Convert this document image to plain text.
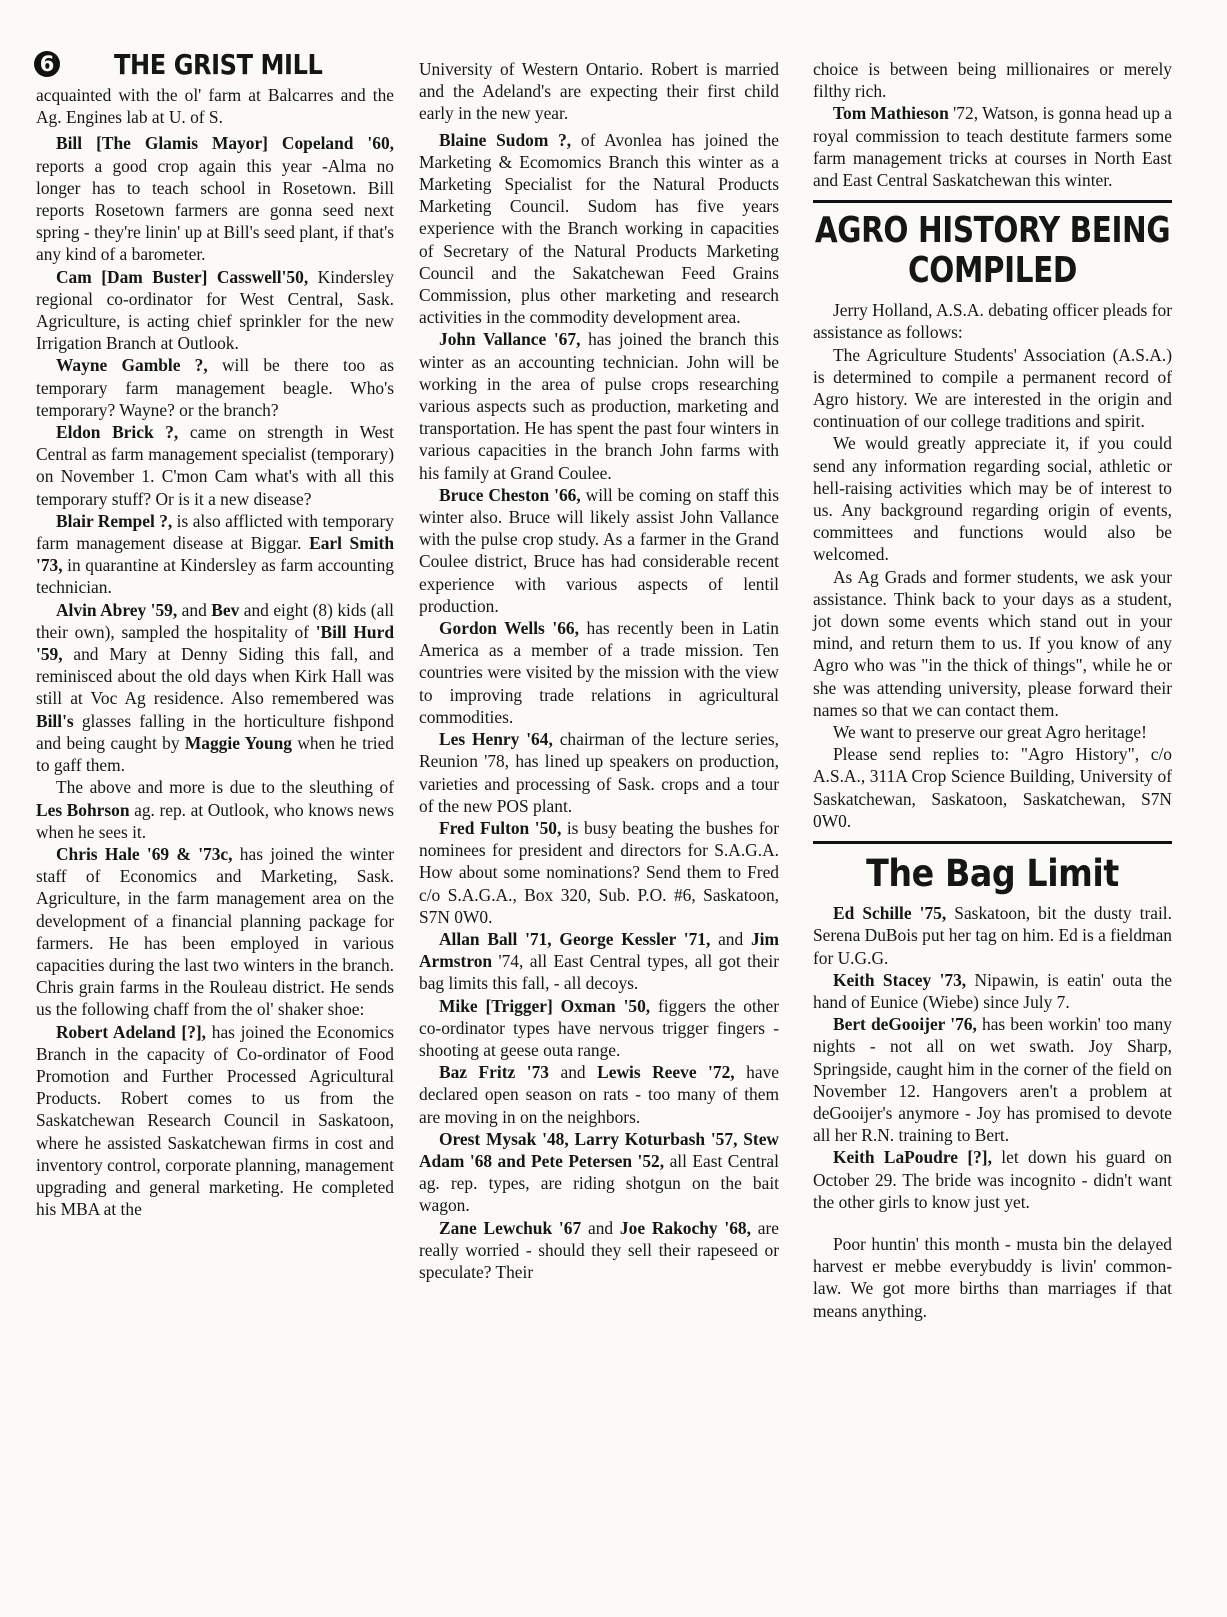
6 THE GRIST MILL

acquainted with the ol' farm at Balcarres and the Ag. Engines lab at U. of S.

Bill [The Glamis Mayor] Copeland '60, reports a good crop again this year -Alma no longer has to teach school in Rosetown. Bill reports Rosetown farmers are gonna seed next spring - they're linin' up at Bill's seed plant, if that's any kind of a barometer.

Cam [Dam Buster] Casswell'50, Kindersley regional co-ordinator for West Central, Sask. Agriculture, is acting chief sprinkler for the new Irrigation Branch at Outlook.

Wayne Gamble ?, will be there too as temporary farm management beagle. Who's temporary? Wayne? or the branch?

Eldon Brick ?, came on strength in West Central as farm management specialist (temporary) on November 1. C'mon Cam what's with all this temporary stuff? Or is it a new disease?

Blair Rempel ?, is also afflicted with temporary farm management disease at Biggar. Earl Smith '73, in quarantine at Kindersley as farm accounting technician.

Alvin Abrey '59, and Bev and eight (8) kids (all their own), sampled the hospitality of 'Bill Hurd '59, and Mary at Denny Siding this fall, and reminisced about the old days when Kirk Hall was still at Voc Ag residence. Also remembered was Bill's glasses falling in the horticulture fishpond and being caught by Maggie Young when he tried to gaff them.

The above and more is due to the sleuthing of Les Bohrson ag. rep. at Outlook, who knows news when he sees it.

Chris Hale '69 & '73c, has joined the winter staff of Economics and Marketing, Sask. Agriculture, in the farm management area on the development of a financial planning package for farmers. He has been employed in various capacities during the last two winters in the branch. Chris grain farms in the Rouleau district. He sends us the following chaff from the ol' shaker shoe:

Robert Adeland [?], has joined the Economics Branch in the capacity of Co-ordinator of Food Promotion and Further Processed Agricultural Products. Robert comes to us from the Saskatchewan Research Council in Saskatoon, where he assisted Saskatchewan firms in cost and inventory control, corporate planning, management upgrading and general marketing. He completed his MBA at the

University of Western Ontario. Robert is married and the Adeland's are expecting their first child early in the new year.

Blaine Sudom ?, of Avonlea has joined the Marketing & Ecomomics Branch this winter as a Marketing Specialist for the Natural Products Marketing Council. Sudom has five years experience with the Branch working in capacities of Secretary of the Natural Products Marketing Council and the Sakatchewan Feed Grains Commission, plus other marketing and research activities in the commodity development area.

John Vallance '67, has joined the branch this winter as an accounting technician. John will be working in the area of pulse crops researching various aspects such as production, marketing and transportation. He has spent the past four winters in various capacities in the branch John farms with his family at Grand Coulee.

Bruce Cheston '66, will be coming on staff this winter also. Bruce will likely assist John Vallance with the pulse crop study. As a farmer in the Grand Coulee district, Bruce has had considerable recent experience with various aspects of lentil production.

Gordon Wells '66, has recently been in Latin America as a member of a trade mission. Ten countries were visited by the mission with the view to improving trade relations in agricultural commodities.

Les Henry '64, chairman of the lecture series, Reunion '78, has lined up speakers on production, varieties and processing of Sask. crops and a tour of the new POS plant.

Fred Fulton '50, is busy beating the bushes for nominees for president and directors for S.A.G.A. How about some nominations? Send them to Fred c/o S.A.G.A., Box 320, Sub. P.O. #6, Saskatoon, S7N 0W0.

Allan Ball '71, George Kessler '71, and Jim Armstron '74, all East Central types, all got their bag limits this fall, - all decoys.

Mike [Trigger] Oxman '50, figgers the other co-ordinator types have nervous trigger fingers - shooting at geese outa range.

Baz Fritz '73 and Lewis Reeve '72, have declared open season on rats - too many of them are moving in on the neighbors.

Orest Mysak '48, Larry Koturbash '57, Stew Adam '68 and Pete Petersen '52, all East Central ag. rep. types, are riding shotgun on the bait wagon.

Zane Lewchuk '67 and Joe Rakochy '68, are really worried - should they sell their rapeseed or speculate? Their

choice is between being millionaires or merely filthy rich.

Tom Mathieson '72, Watson, is gonna head up a royal commission to teach destitute farmers some farm management tricks at courses in North East and East Central Saskatchewan this winter.

AGRO HISTORY BEING COMPILED

Jerry Holland, A.S.A. debating officer pleads for assistance as follows:

The Agriculture Students' Association (A.S.A.) is determined to compile a permanent record of Agro history. We are interested in the origin and continuation of our college traditions and spirit.

We would greatly appreciate it, if you could send any information regarding social, athletic or hell-raising activities which may be of interest to us. Any background regarding origin of events, committees and functions would also be welcomed.

As Ag Grads and former students, we ask your assistance. Think back to your days as a student, jot down some events which stand out in your mind, and return them to us. If you know of any Agro who was "in the thick of things", while he or she was attending university, please forward their names so that we can contact them.

We want to preserve our great Agro heritage!

Please send replies to: "Agro History", c/o A.S.A., 311A Crop Science Building, University of Saskatchewan, Saskatoon, Saskatchewan, S7N 0W0.

The Bag Limit

Ed Schille '75, Saskatoon, bit the dusty trail. Serena DuBois put her tag on him. Ed is a fieldman for U.G.G.

Keith Stacey '73, Nipawin, is eatin' outa the hand of Eunice (Wiebe) since July 7.

Bert deGooijer '76, has been workin' too many nights - not all on wet swath. Joy Sharp, Springside, caught him in the corner of the field on November 12. Hangovers aren't a problem at deGooijer's anymore - Joy has promised to devote all her R.N. training to Bert.

Keith LaPoudre [?], let down his guard on October 29. The bride was incognito - didn't want the other girls to know just yet.

Poor huntin' this month - musta bin the delayed harvest er mebbe everybuddy is livin' common-law. We got more births than marriages if that means anything.
